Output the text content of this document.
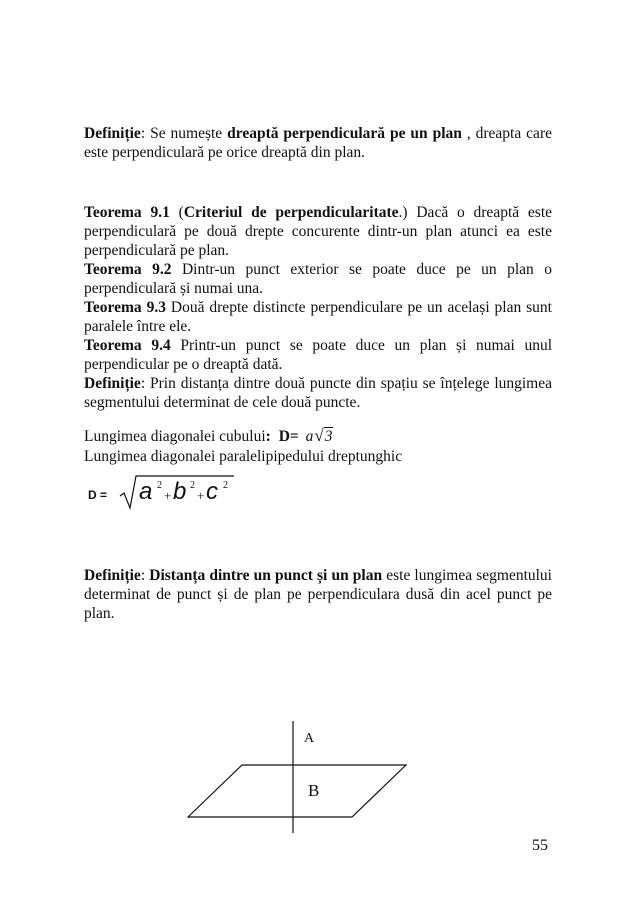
Definiție: Se numește dreaptă perpendiculară pe un plan , dreapta care este perpendiculară pe orice dreaptă din plan.

Teorema 9.1 (Criteriul de perpendicularitate.) Dacă o dreaptă este perpendiculară pe două drepte concurente dintr-un plan atunci ea este perpendiculară pe plan.

Teorema 9.2 Dintr-un punct exterior se poate duce pe un plan o perpendiculară și numai una.

Teorema 9.3 Două drepte distincte perpendiculare pe un același plan sunt paralele între ele.

Teorema 9.4 Printr-un punct se poate duce un plan și numai unul perpendicular pe o dreaptă dată.

Definiție: Prin distanța dintre două puncte din spațiu se înțelege lungimea segmentului determinat de cele două puncte.

Lungimea diagonalei cubului: D= a√3
Lungimea diagonalei paralelipipedului dreptunghic
D = a 2
+ b 2
+ c 2

Definiție: Distanța dintre un punct și un plan este lungimea segmentului determinat de punct și de plan pe perpendiculara dusă din acel punct pe plan.

A
B
55
